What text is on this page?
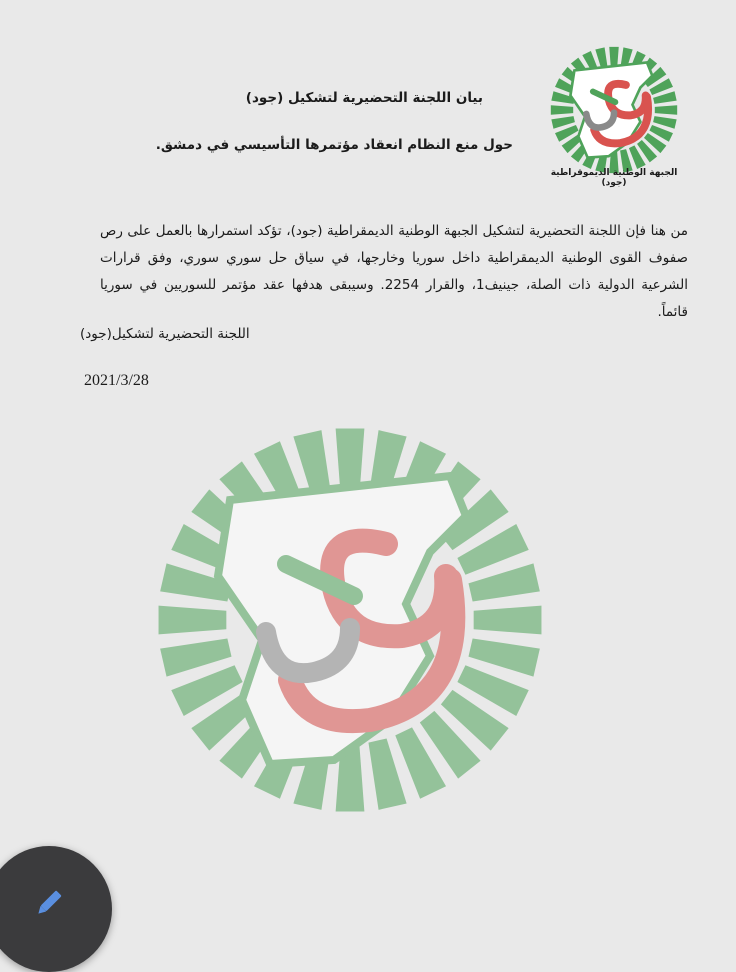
الجبهة الوطنية الديموقراطية (جود)
بيان اللجنة التحضيرية لتشكيل (جود)
حول منع النظام انعقاد مؤتمرها التأسيسي في دمشق.
من هنا فإن اللجنة التحضيرية لتشكيل الجبهة الوطنية الديمقراطية (جود)، تؤكد استمرارها بالعمل على رص صفوف القوى الوطنية الديمقراطية داخل سوريا وخارجها، في سياق حل سوري سوري، وفق قرارات الشرعية الدولية ذات الصلة، جينيف1، والقرار 2254. وسيبقى هدفها عقد مؤتمر للسوريين في سوريا قائماً.
اللجنة التحضيرية لتشكيل(جود)
2021/3/28
